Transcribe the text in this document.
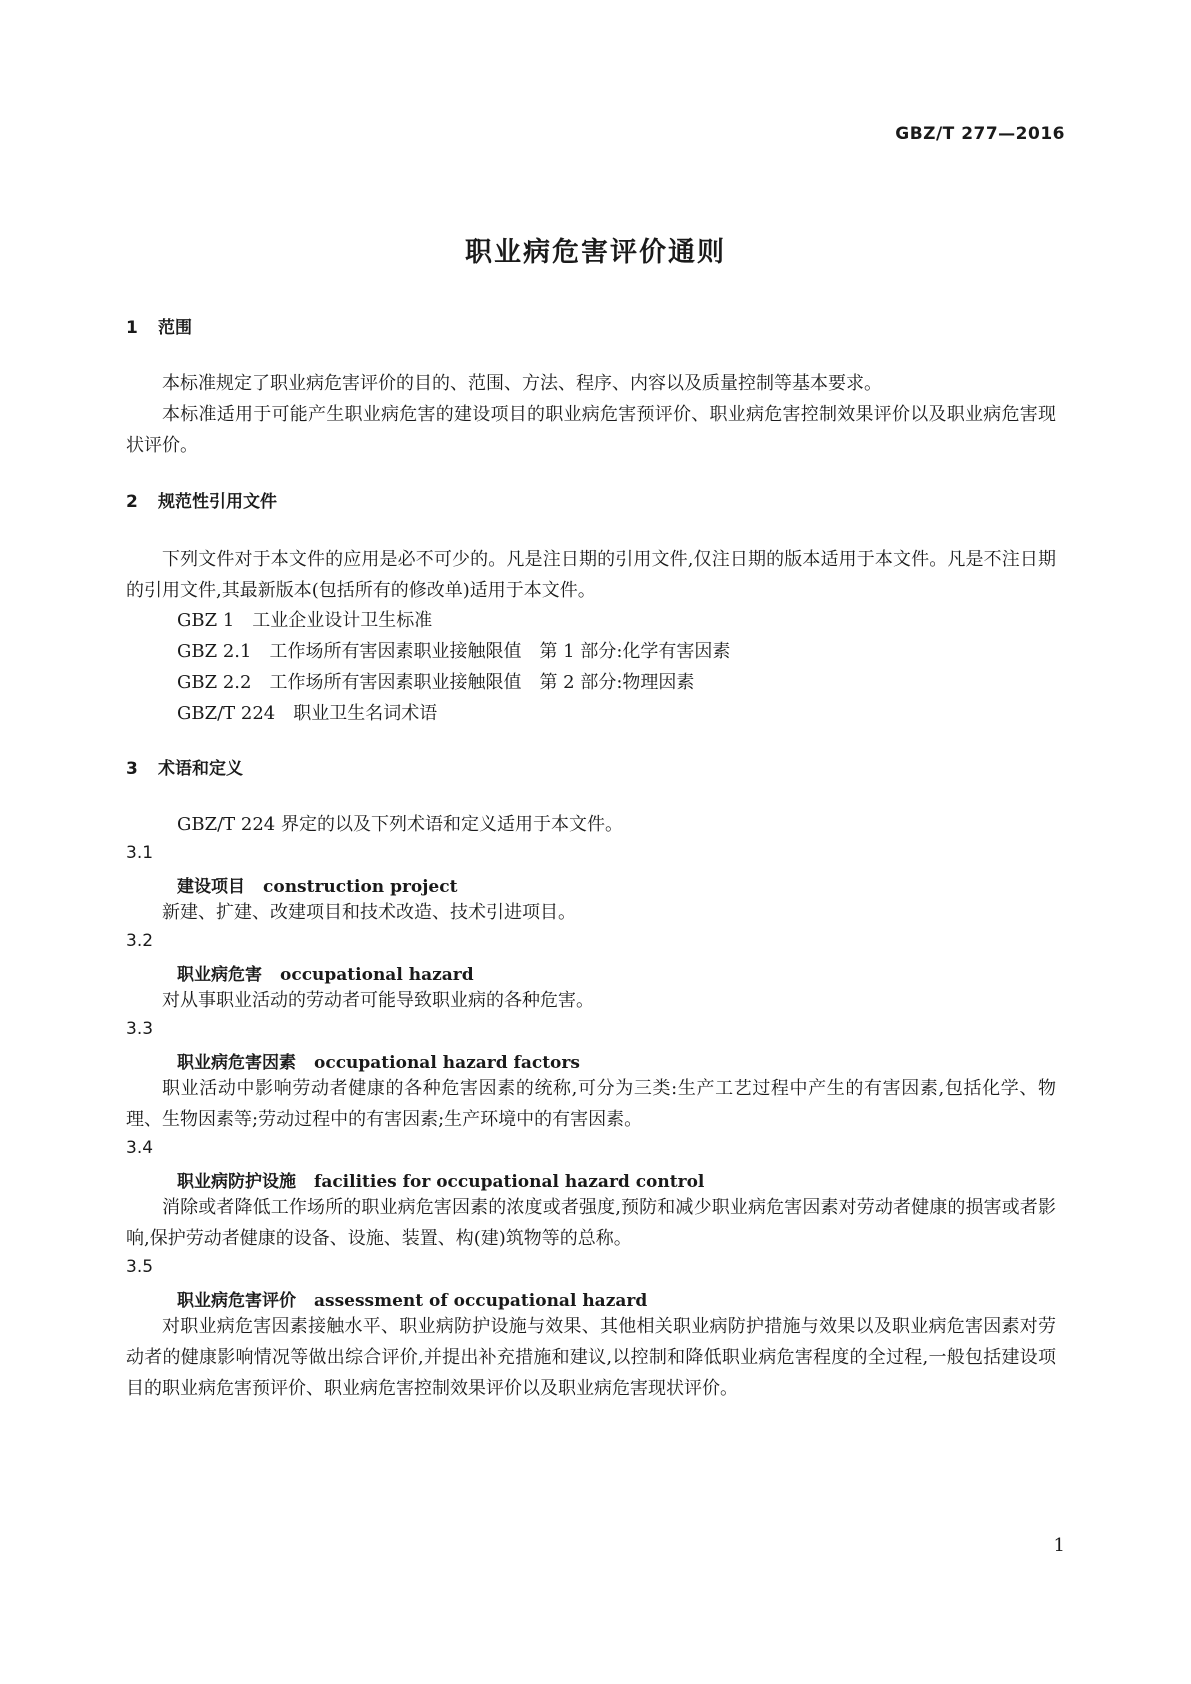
GBZ/T 277—2016
职业病危害评价通则
1 范围
本标准规定了职业病危害评价的目的、范围、方法、程序、内容以及质量控制等基本要求。
本标准适用于可能产生职业病危害的建设项目的职业病危害预评价、职业病危害控制效果评价以及职业病危害现状评价。
2 规范性引用文件
下列文件对于本文件的应用是必不可少的。凡是注日期的引用文件,仅注日期的版本适用于本文件。凡是不注日期的引用文件,其最新版本(包括所有的修改单)适用于本文件。
GBZ 1　工业企业设计卫生标准
GBZ 2.1　工作场所有害因素职业接触限值　第 1 部分:化学有害因素
GBZ 2.2　工作场所有害因素职业接触限值　第 2 部分:物理因素
GBZ/T 224　职业卫生名词术语
3 术语和定义
GBZ/T 224 界定的以及下列术语和定义适用于本文件。
3.1
建设项目 construction project
新建、扩建、改建项目和技术改造、技术引进项目。
3.2
职业病危害 occupational hazard
对从事职业活动的劳动者可能导致职业病的各种危害。
3.3
职业病危害因素 occupational hazard factors
职业活动中影响劳动者健康的各种危害因素的统称,可分为三类:生产工艺过程中产生的有害因素,包括化学、物理、生物因素等;劳动过程中的有害因素;生产环境中的有害因素。
3.4
职业病防护设施 facilities for occupational hazard control
消除或者降低工作场所的职业病危害因素的浓度或者强度,预防和减少职业病危害因素对劳动者健康的损害或者影响,保护劳动者健康的设备、设施、装置、构(建)筑物等的总称。
3.5
职业病危害评价 assessment of occupational hazard
对职业病危害因素接触水平、职业病防护设施与效果、其他相关职业病防护措施与效果以及职业病危害因素对劳动者的健康影响情况等做出综合评价,并提出补充措施和建议,以控制和降低职业病危害程度的全过程,一般包括建设项目的职业病危害预评价、职业病危害控制效果评价以及职业病危害现状评价。
1
